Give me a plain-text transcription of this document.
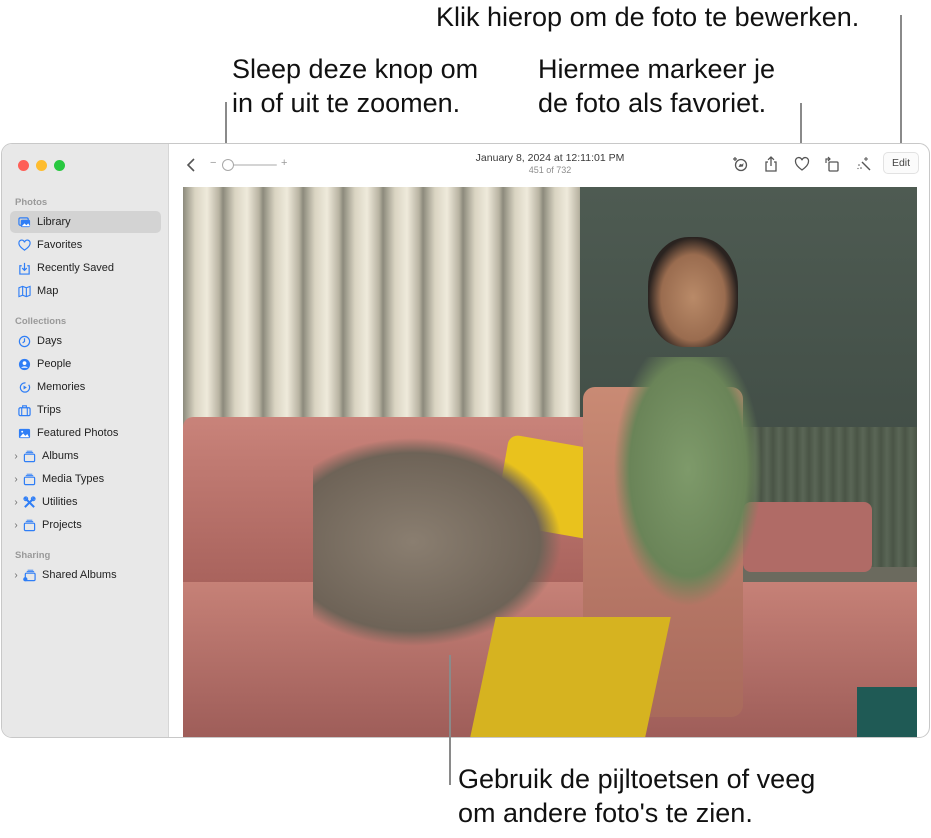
Sleep deze knop om
in of uit te zoomen.
Hiermee markeer je
de foto als favoriet.
Klik hierop om de foto te bewerken.
Gebruik de pijltoetsen of veeg
om andere foto's te zien.
Photos
Library
Favorites
Recently Saved
Map
Collections
Days
People
Memories
Trips
Featured Photos
›	Albums
›	Media Types
›	Utilities
›	Projects
Sharing
›	Shared Albums
−	+	January 8, 2024 at 12:11:01 PM
451 of 732
Edit
